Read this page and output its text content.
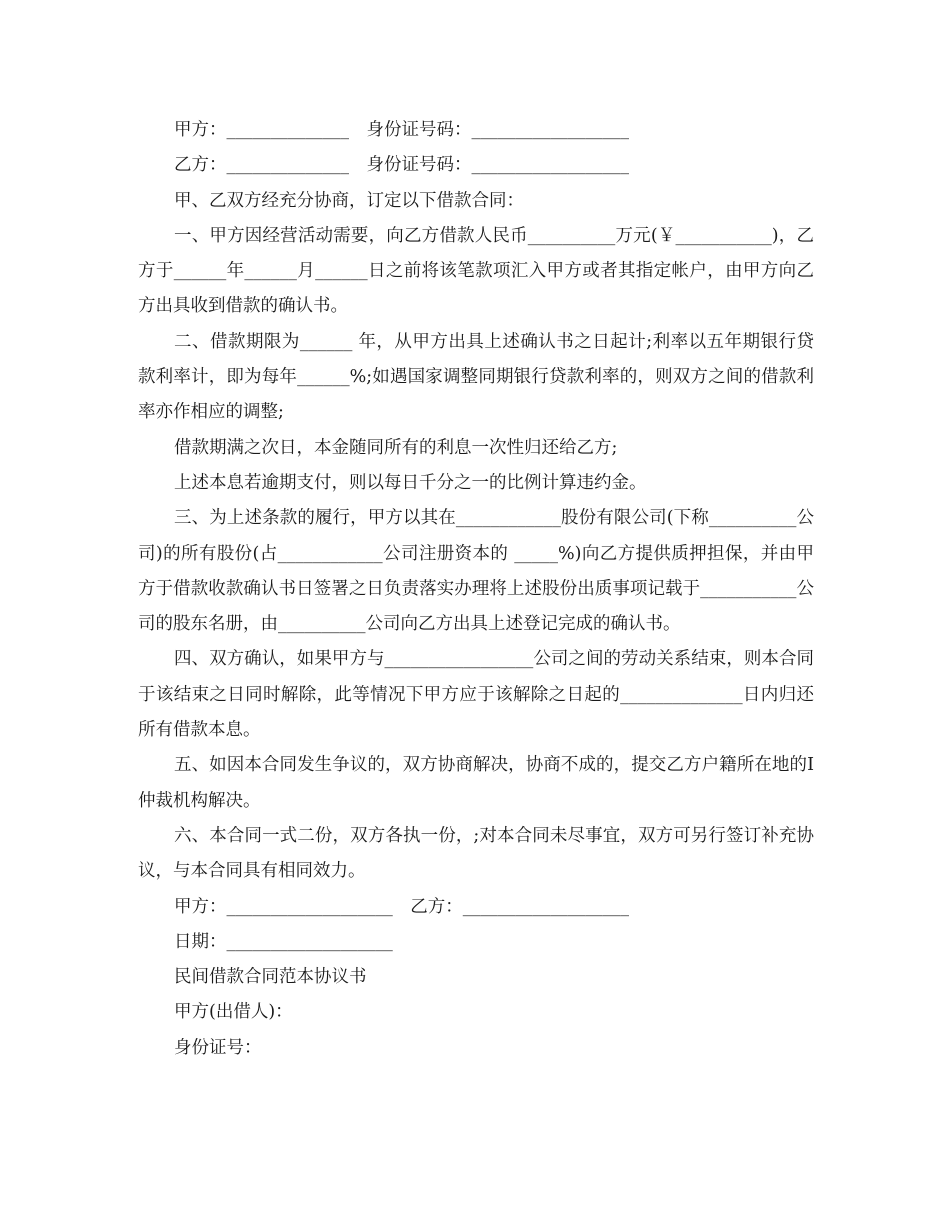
甲方：______________　身份证号码：__________________

乙方：______________　身份证号码：__________________

甲、乙双方经充分协商，订定以下借款合同：

一、甲方因经营活动需要，向乙方借款人民币__________万元(￥___________)，乙方于______年______月______日之前将该笔款项汇入甲方或者其指定帐户，由甲方向乙方出具收到借款的确认书。

二、借款期限为______ 年，从甲方出具上述确认书之日起计;利率以五年期银行贷款利率计，即为每年______%;如遇国家调整同期银行贷款利率的，则双方之间的借款利率亦作相应的调整;

借款期满之次日，本金随同所有的利息一次性归还给乙方;

上述本息若逾期支付，则以每日千分之一的比例计算违约金。

三、为上述条款的履行，甲方以其在____________股份有限公司(下称__________公司)的所有股份(占____________公司注册资本的 _____%)向乙方提供质押担保，并由甲方于借款收款确认书日签署之日负责落实办理将上述股份出质事项记载于___________公司的股东名册，由__________公司向乙方出具上述登记完成的确认书。

四、双方确认，如果甲方与_________________公司之间的劳动关系结束，则本合同于该结束之日同时解除，此等情况下甲方应于该解除之日起的______________日内归还所有借款本息。

五、如因本合同发生争议的，双方协商解决，协商不成的，提交乙方户籍所在地的I仲裁机构解决。

六、本合同一式二份，双方各执一份，;对本合同未尽事宜，双方可另行签订补充协议，与本合同具有相同效力。

甲方：___________________　乙方：___________________

日期：___________________

民间借款合同范本协议书

甲方(出借人)：

身份证号：
